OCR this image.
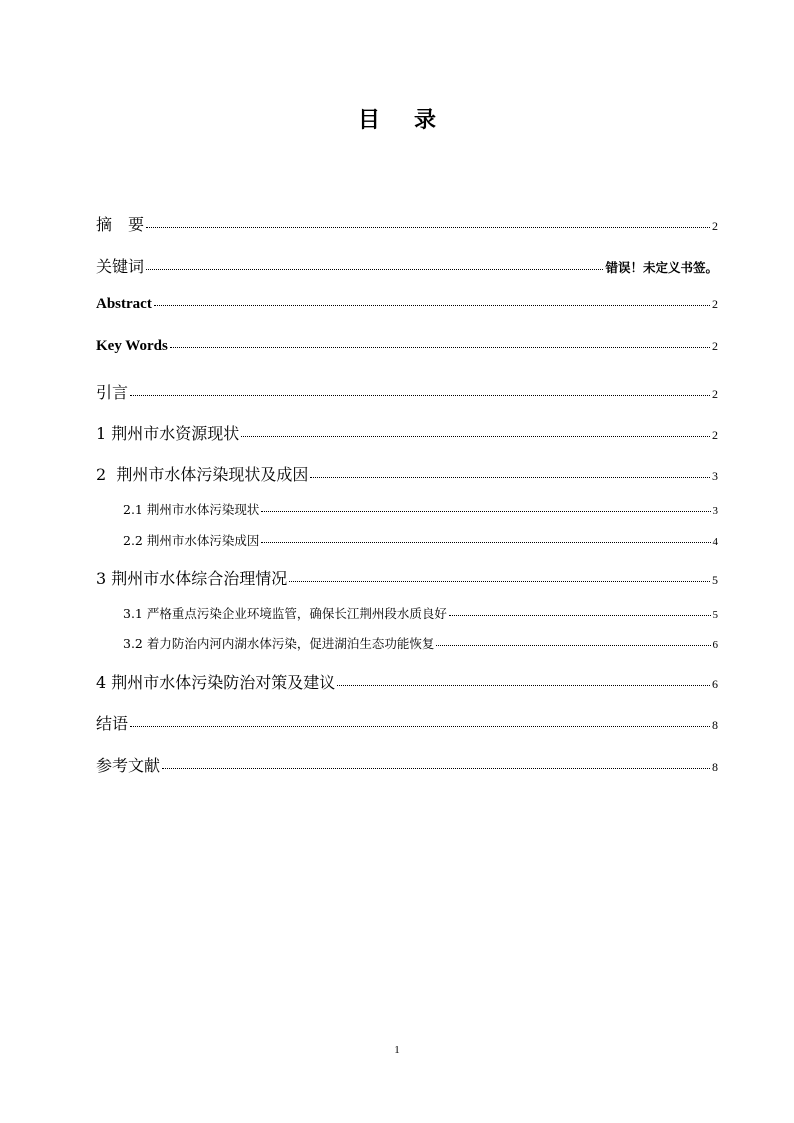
目 录
摘　要	2
关键词	错误！未定义书签。
Abstract	2
Key Words	2
引言	2
1 荆州市水资源现状	2
2  荆州市水体污染现状及成因	3
2.1 荆州市水体污染现状	3
2.2 荆州市水体污染成因	4
3 荆州市水体综合治理情况	5
3.1 严格重点污染企业环境监管，确保长江荆州段水质良好	5
3.2 着力防治内河内湖水体污染，促进湖泊生态功能恢复	6
4 荆州市水体污染防治对策及建议	6
结语	8
参考文献	8
1
